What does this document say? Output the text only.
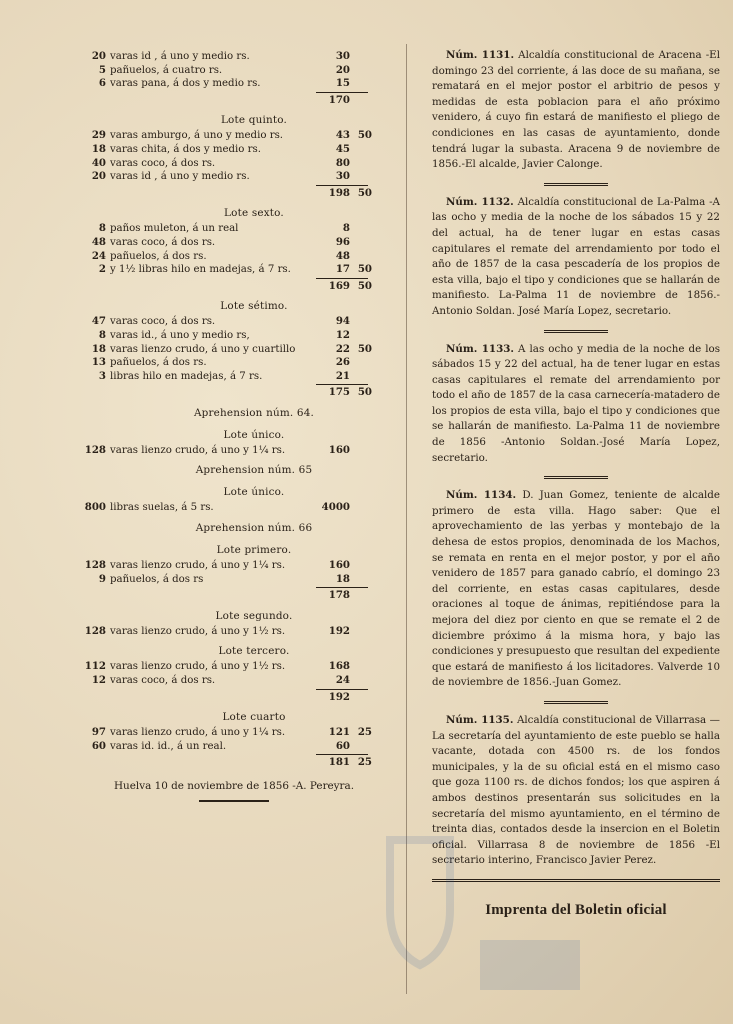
20 varas id , á uno y medio rs.	30
5 pañuelos, á cuatro rs.	20
6 varas pana, á dos y medio rs.	15
170
Lote quinto.
29 varas amburgo, á uno y medio rs.	43 50
18 varas chita, á dos y medio rs.	45
40 varas coco, á dos rs.	80
20 varas id , á uno y medio rs.	30
198 50
Lote sexto.
8 paños muleton, á un real	8
48 varas coco, á dos rs.	96
24 pañuelos, á dos rs.	48
2 y 1½ libras hilo en madejas, á 7 rs.	17 50
169 50
Lote sétimo.
47 varas coco, á dos rs.	94
8 varas id., á uno y medio rs,	12
18 varas lienzo crudo, á uno y cuartillo	22 50
13 pañuelos, á dos rs.	26
3 libras hilo en madejas, á 7 rs.	21
175 50
Aprehension núm. 64.
Lote único.
128 varas lienzo crudo, á uno y 1¼ rs.	160
Aprehension núm. 65
Lote único.
800 libras suelas, á 5 rs.	4000
Aprehension núm. 66
Lote primero.
128 varas lienzo crudo, á uno y 1¼ rs.	160
9 pañuelos, á dos rs	18
178
Lote segundo.
128 varas lienzo crudo, á uno y 1½ rs.	192
Lote tercero.
112 varas lienzo crudo, á uno y 1½ rs.	168
12 varas coco, á dos rs.	24
192
Lote cuarto
97 varas lienzo crudo, á uno y 1¼ rs.	121 25
60 varas id. id., á un real.	60
181 25
Huelva 10 de noviembre de 1856 -A. Pereyra.

Núm. 1131. Alcaldía constitucional de Aracena -El domingo 23 del corriente, á las doce de su mañana, se rematará en el mejor postor el arbitrio de pesos y medidas de esta poblacion para el año próximo venidero, á cuyo fin estará de manifiesto el pliego de condiciones en las casas de ayuntamiento, donde tendrá lugar la subasta. Aracena 9 de noviembre de 1856.-El alcalde, Javier Calonge.

Núm. 1132. Alcaldía constitucional de La-Palma -A las ocho y media de la noche de los sábados 15 y 22 del actual, ha de tener lugar en estas casas capitulares el remate del arrendamiento por todo el año de 1857 de la casa pescadería de los propios de esta villa, bajo el tipo y condiciones que se hallarán de manifiesto. La-Palma 11 de noviembre de 1856.-Antonio Soldan. José María Lopez, secretario.

Núm. 1133. A las ocho y media de la noche de los sábados 15 y 22 del actual, ha de tener lugar en estas casas capitulares el remate del arrendamiento por todo el año de 1857 de la casa carnecería-matadero de los propios de esta villa, bajo el tipo y condiciones que se hallarán de manifiesto. La-Palma 11 de noviembre de 1856 -Antonio Soldan.-José María Lopez, secretario.

Núm. 1134. D. Juan Gomez, teniente de alcalde primero de esta villa. Hago saber: Que el aprovechamiento de las yerbas y montebajo de la dehesa de estos propios, denominada de los Machos, se remata en renta en el mejor postor, y por el año venidero de 1857 para ganado cabrío, el domingo 23 del corriente, en estas casas capitulares, desde oraciones al toque de ánimas, repitiéndose para la mejora del diez por ciento en que se remate el 2 de diciembre próximo á la misma hora, y bajo las condiciones y presupuesto que resultan del expediente que estará de manifiesto á los licitadores. Valverde 10 de noviembre de 1856.-Juan Gomez.

Núm. 1135. Alcaldía constitucional de Villarrasa —La secretaría del ayuntamiento de este pueblo se halla vacante, dotada con 4500 rs. de los fondos municipales, y la de su oficial está en el mismo caso que goza 1100 rs. de dichos fondos; los que aspiren á ambos destinos presentarán sus solicitudes en la secretaría del mismo ayuntamiento, en el término de treinta dias, contados desde la insercion en el Boletin oficial. Villarrasa 8 de noviembre de 1856 -El secretario interino, Francisco Javier Perez.

Imprenta del Boletin oficial
